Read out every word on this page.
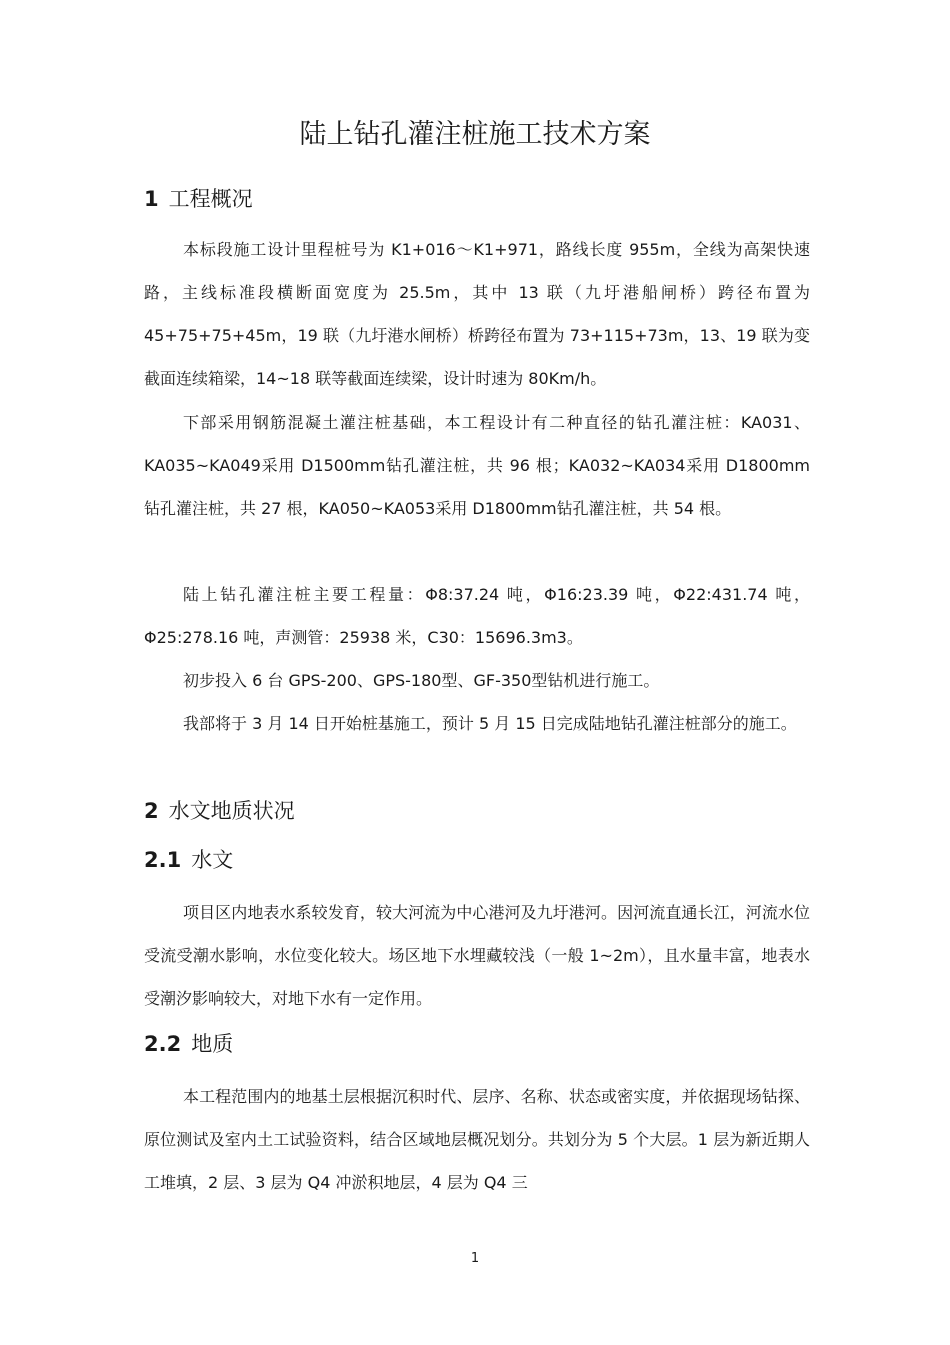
陆上钻孔灌注桩施工技术方案
1 工程概况
本标段施工设计里程桩号为 K1+016～K1+971，路线长度 955m，全线为高架快速路，主线标准段横断面宽度为 25.5m，其中 13 联（九圩港船闸桥）跨径布置为 45+75+75+45m，19 联（九圩港水闸桥）桥跨径布置为 73+115+73m，13、19 联为变截面连续箱梁，14~18 联等截面连续梁，设计时速为 80Km/h。
下部采用钢筋混凝土灌注桩基础，本工程设计有二种直径的钻孔灌注桩：KA031、KA035~KA049采用 D1500mm钻孔灌注桩，共 96 根；KA032~KA034采用 D1800mm钻孔灌注桩，共 27 根，KA050~KA053采用 D1800mm钻孔灌注桩，共 54 根。
陆上钻孔灌注桩主要工程量：Φ8:37.24 吨，Φ16:23.39 吨，Φ22:431.74 吨，Φ25:278.16 吨，声测管：25938 米，C30：15696.3m3。
初步投入 6 台 GPS-200、GPS-180型、GF-350型钻机进行施工。
我部将于 3 月 14 日开始桩基施工，预计 5 月 15 日完成陆地钻孔灌注桩部分的施工。
2 水文地质状况
2.1 水文
项目区内地表水系较发育，较大河流为中心港河及九圩港河。因河流直通长江，河流水位受流受潮水影响，水位变化较大。场区地下水埋藏较浅（一般 1~2m），且水量丰富，地表水受潮汐影响较大，对地下水有一定作用。
2.2 地质
本工程范围内的地基土层根据沉积时代、层序、名称、状态或密实度，并依据现场钻探、原位测试及室内土工试验资料，结合区域地层概况划分。共划分为 5 个大层。1 层为新近期人工堆填，2 层、3 层为 Q4 冲淤积地层，4 层为 Q4 三
1
